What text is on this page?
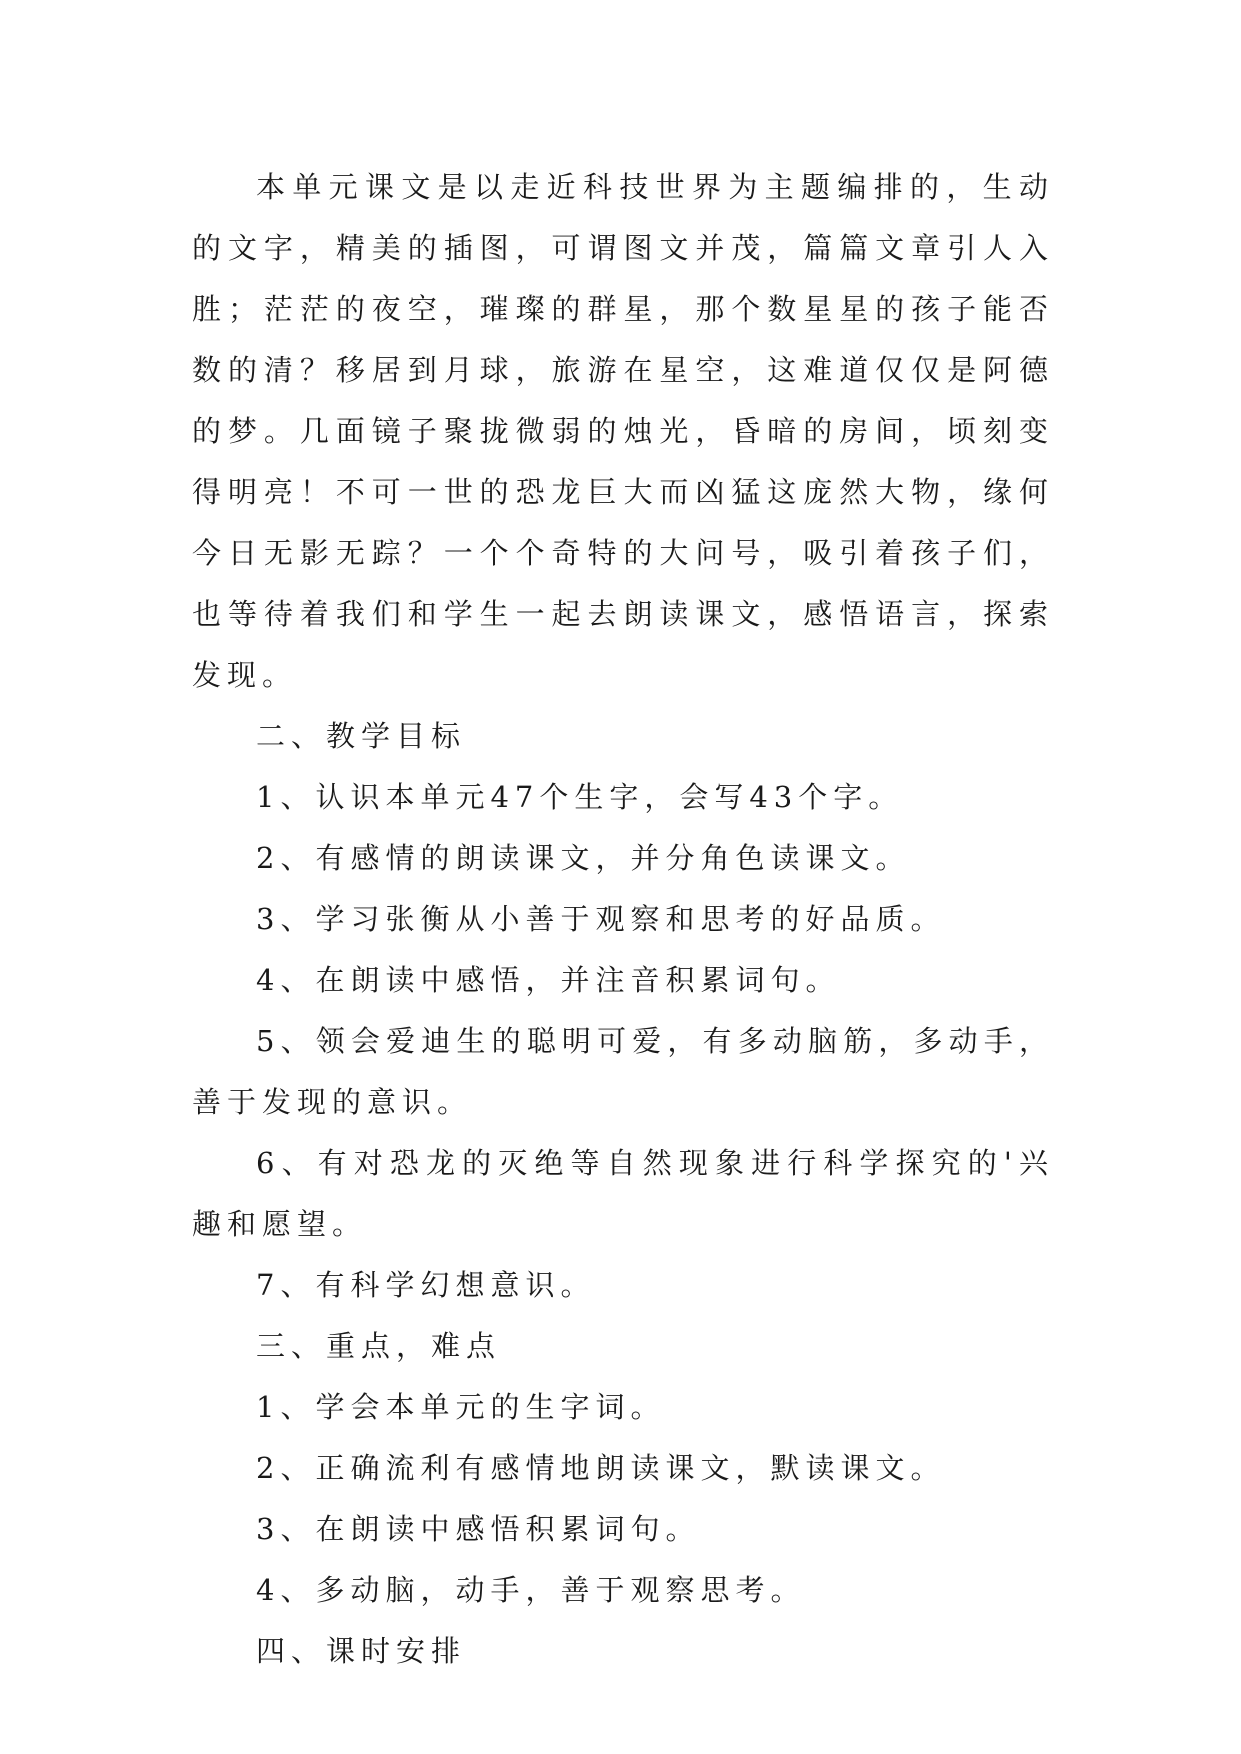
本单元课文是以走近科技世界为主题编排的，生动的文字，精美的插图，可谓图文并茂，篇篇文章引人入胜；茫茫的夜空，璀璨的群星，那个数星星的孩子能否数的清？移居到月球，旅游在星空，这难道仅仅是阿德的梦。几面镜子聚拢微弱的烛光，昏暗的房间，顷刻变得明亮！不可一世的恐龙巨大而凶猛这庞然大物，缘何今日无影无踪？一个个奇特的大问号，吸引着孩子们，也等待着我们和学生一起去朗读课文，感悟语言，探索发现。

二、教学目标

1、认识本单元47个生字，会写43个字。

2、有感情的朗读课文，并分角色读课文。

3、学习张衡从小善于观察和思考的好品质。

4、在朗读中感悟，并注音积累词句。

5、领会爱迪生的聪明可爱，有多动脑筋，多动手，善于发现的意识。

6、有对恐龙的灭绝等自然现象进行科学探究的'兴趣和愿望。

7、有科学幻想意识。

三、重点，难点

1、学会本单元的生字词。

2、正确流利有感情地朗读课文，默读课文。

3、在朗读中感悟积累词句。

4、多动脑，动手，善于观察思考。

四、课时安排
